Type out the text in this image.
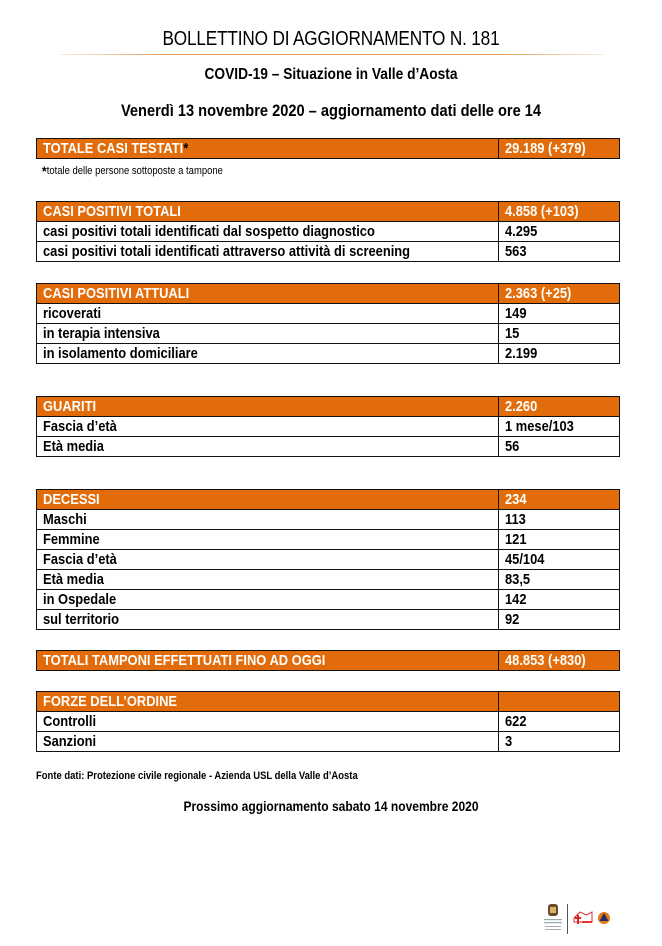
BOLLETTINO DI AGGIORNAMENTO N. 181
COVID-19 – Situazione in Valle d’Aosta
Venerdì 13 novembre 2020 – aggiornamento dati delle ore 14
TOTALE CASI TESTATI*	29.189 (+379)
*totale delle persone sottoposte a tampone
CASI POSITIVI TOTALI	4.858 (+103)
casi positivi totali identificati dal sospetto diagnostico	4.295
casi positivi totali identificati attraverso attività di screening	563
CASI POSITIVI ATTUALI	2.363 (+25)
ricoverati	149
in terapia intensiva	15
in isolamento domiciliare	2.199
GUARITI	2.260
Fascia d’età	1 mese/103
Età media	56
DECESSI	234
Maschi	113
Femmine	121
Fascia d’età	45/104
Età media	83,5
in Ospedale	142
sul territorio	92
TOTALI TAMPONI EFFETTUATI FINO AD OGGI	48.853 (+830)
FORZE DELL’ORDINE	
Controlli	622
Sanzioni	3
Fonte dati: Protezione civile regionale - Azienda USL della Valle d’Aosta
Prossimo aggiornamento sabato 14 novembre 2020
